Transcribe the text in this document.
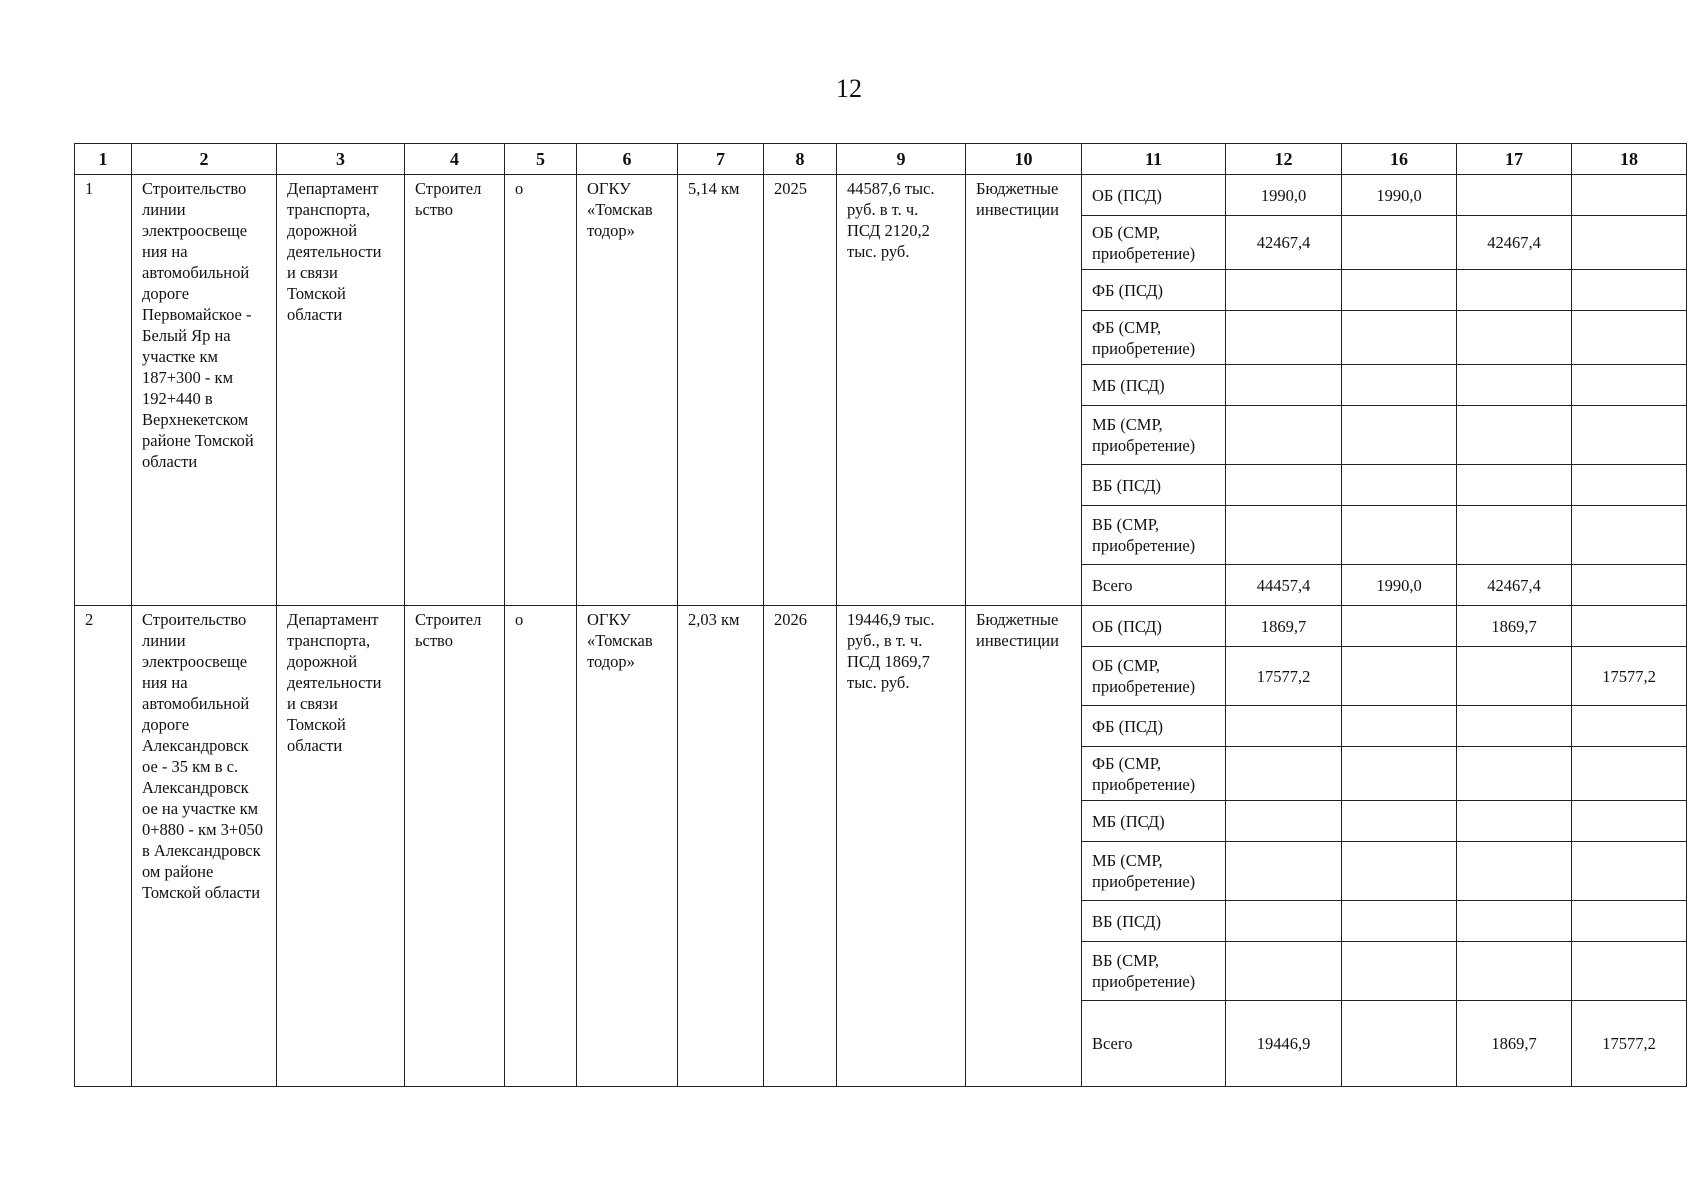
12
1	2	3	4	5	6	7	8	9	10	11	12	16	17	18
1	Строительство линии электроосвеще ния на автомобильной дороге Первомайское - Белый Яр на участке км 187+300 - км 192+440 в Верхнекетском районе Томской области	Департамент транспорта, дорожной деятельности и связи Томской области	Строител ьство	о	ОГКУ «Томскав тодор»	5,14 км	2025	44587,6 тыс. руб. в т. ч. ПСД 2120,2 тыс. руб.	Бюджетные инвестиции	ОБ (ПСД)	1990,0	1990,0		
										ОБ (СМР, приобретение)	42467,4		42467,4	
										ФБ (ПСД)				
										ФБ (СМР, приобретение)				
										МБ (ПСД)				
										МБ (СМР, приобретение)				
										ВБ (ПСД)				
										ВБ (СМР, приобретение)				
										Всего	44457,4	1990,0	42467,4	
2	Строительство линии электроосвеще ния на автомобильной дороге Александровск ое - 35 км в с. Александровск ое на участке км 0+880 - км 3+050 в Александровск ом районе Томской области	Департамент транспорта, дорожной деятельности и связи Томской области	Строител ьство	о	ОГКУ «Томскав тодор»	2,03 км	2026	19446,9 тыс. руб., в т. ч. ПСД 1869,7 тыс. руб.	Бюджетные инвестиции	ОБ (ПСД)	1869,7		1869,7	
										ОБ (СМР, приобретение)	17577,2			17577,2
										ФБ (ПСД)				
										ФБ (СМР, приобретение)				
										МБ (ПСД)				
										МБ (СМР, приобретение)				
										ВБ (ПСД)				
										ВБ (СМР, приобретение)				
										Всего	19446,9		1869,7	17577,2
